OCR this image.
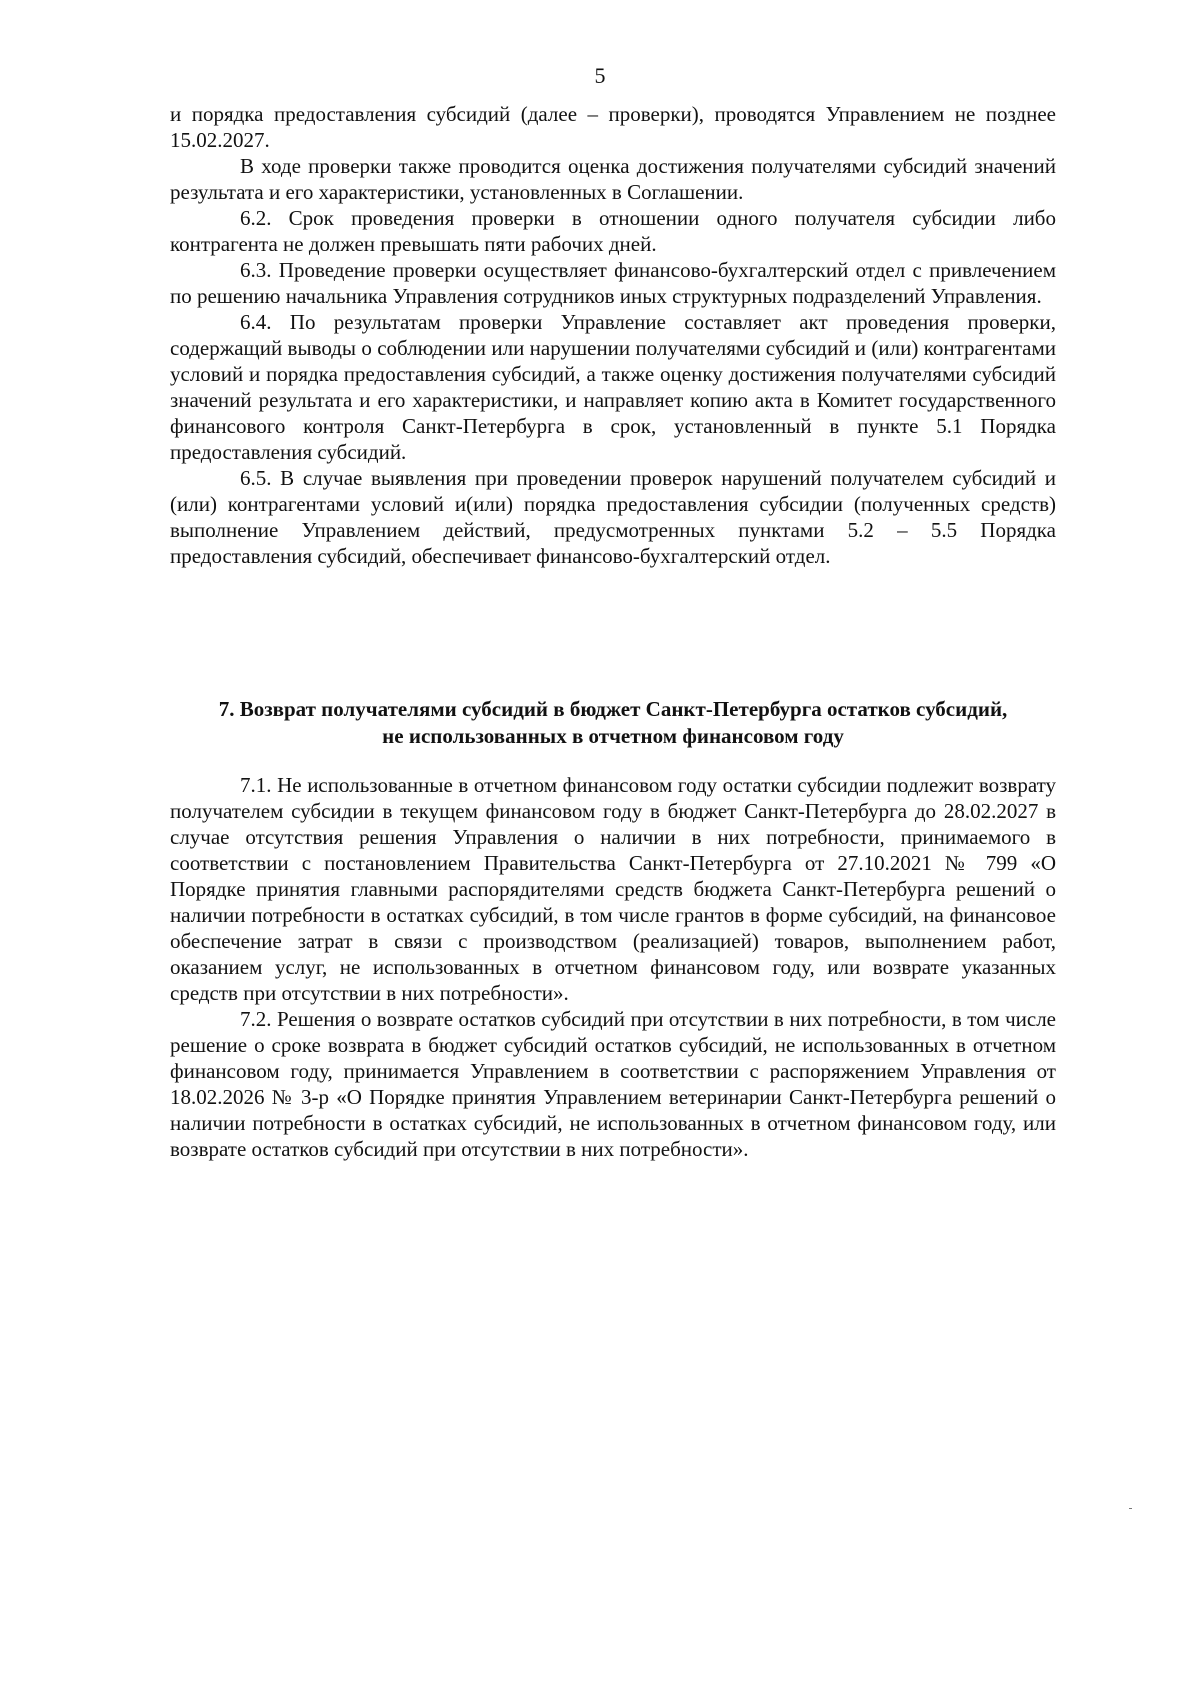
5

и порядка предоставления субсидий (далее – проверки), проводятся Управлением не позднее 15.02.2027.

В ходе проверки также проводится оценка достижения получателями субсидий значений результата и его характеристики, установленных в Соглашении.

6.2. Срок проведения проверки в отношении одного получателя субсидии либо контрагента не должен превышать пяти рабочих дней.

6.3. Проведение проверки осуществляет финансово-бухгалтерский отдел с привлечением по решению начальника Управления сотрудников иных структурных подразделений Управления.

6.4. По результатам проверки Управление составляет акт проведения проверки, содержащий выводы о соблюдении или нарушении получателями субсидий и (или) контрагентами условий и порядка предоставления субсидий, а также оценку достижения получателями субсидий значений результата и его характеристики, и направляет копию акта в Комитет государственного финансового контроля Санкт-Петербурга в срок, установленный в пункте 5.1 Порядка предоставления субсидий.

6.5. В случае выявления при проведении проверок нарушений получателем субсидий и (или) контрагентами условий и(или) порядка предоставления субсидии (полученных средств) выполнение Управлением действий, предусмотренных пунктами 5.2 – 5.5 Порядка предоставления субсидий, обеспечивает финансово-бухгалтерский отдел.

7. Возврат получателями субсидий в бюджет Санкт-Петербурга остатков субсидий,
не использованных в отчетном финансовом году

7.1. Не использованные в отчетном финансовом году остатки субсидии подлежит возврату получателем субсидии в текущем финансовом году в бюджет Санкт-Петербурга до 28.02.2027 в случае отсутствия решения Управления о наличии в них потребности, принимаемого в соответствии с постановлением Правительства Санкт-Петербурга от 27.10.2021 № 799 «О Порядке принятия главными распорядителями средств бюджета Санкт-Петербурга решений о наличии потребности в остатках субсидий, в том числе грантов в форме субсидий, на финансовое обеспечение затрат в связи с производством (реализацией) товаров, выполнением работ, оказанием услуг, не использованных в отчетном финансовом году, или возврате указанных средств при отсутствии в них потребности».

7.2. Решения о возврате остатков субсидий при отсутствии в них потребности, в том числе решение о сроке возврата в бюджет субсидий остатков субсидий, не использованных в отчетном финансовом году, принимается Управлением в соответствии с распоряжением Управления от 18.02.2026 № 3-р «О Порядке принятия Управлением ветеринарии Санкт-Петербурга решений о наличии потребности в остатках субсидий, не использованных в отчетном финансовом году, или возврате остатков субсидий при отсутствии в них потребности».
